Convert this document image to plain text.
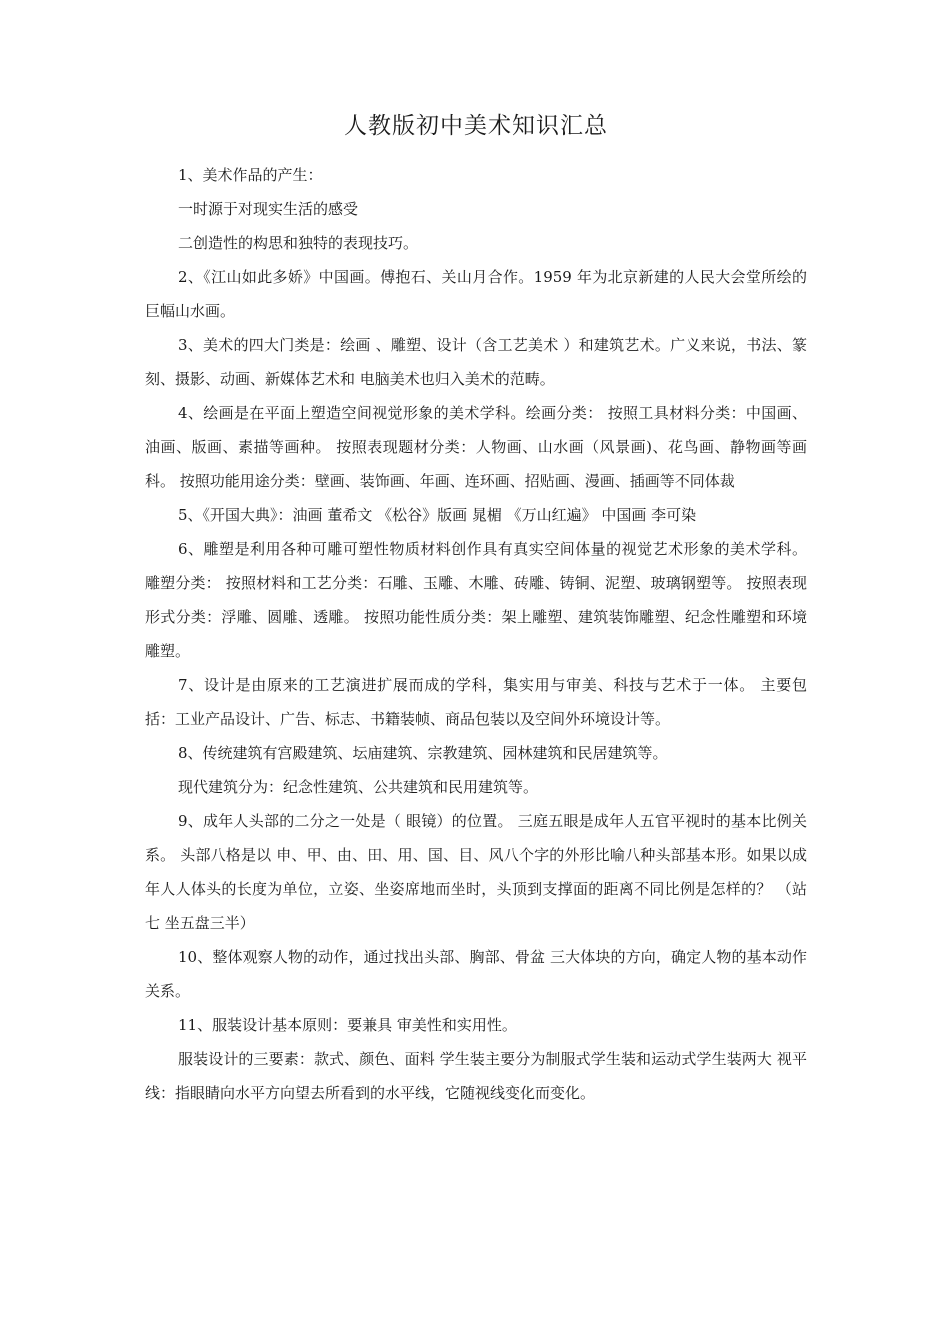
人教版初中美术知识汇总

1、美术作品的产生：

一时源于对现实生活的感受

二创造性的构思和独特的表现技巧。

2、《江山如此多娇》中国画。傅抱石、关山月合作。1959 年为北京新建的人民大会堂所绘的巨幅山水画。

3、美术的四大门类是：绘画 、雕塑、设计（含工艺美术 ）和建筑艺术。广义来说，书法、篆刻、摄影、动画、新媒体艺术和 电脑美术也归入美术的范畴。

4、绘画是在平面上塑造空间视觉形象的美术学科。绘画分类： 按照工具材料分类：中国画、油画、版画、素描等画种。 按照表现题材分类：人物画、山水画（风景画)、花鸟画、静物画等画科。 按照功能用途分类：壁画、装饰画、年画、连环画、招贴画、漫画、插画等不同体裁

5、《开国大典》：油画 董希文 《松谷》版画 晁楣 《万山红遍》 中国画 李可染

6、雕塑是利用各种可雕可塑性物质材料创作具有真实空间体量的视觉艺术形象的美术学科。 雕塑分类： 按照材料和工艺分类：石雕、玉雕、木雕、砖雕、铸铜、泥塑、玻璃钢塑等。 按照表现形式分类：浮雕、圆雕、透雕。 按照功能性质分类：架上雕塑、建筑装饰雕塑、纪念性雕塑和环境雕塑。

7、设计是由原来的工艺演进扩展而成的学科，集实用与审美、科技与艺术于一体。 主要包括：工业产品设计、广告、标志、书籍装帧、商品包装以及空间外环境设计等。

8、传统建筑有宫殿建筑、坛庙建筑、宗教建筑、园林建筑和民居建筑等。

现代建筑分为：纪念性建筑、公共建筑和民用建筑等。

9、成年人头部的二分之一处是（ 眼镜）的位置。 三庭五眼是成年人五官平视时的基本比例关系。 头部八格是以 申、甲、由、田、用、国、目、风八个字的外形比喻八种头部基本形。如果以成年人人体头的长度为单位，立姿、坐姿席地而坐时，头顶到支撑面的距离不同比例是怎样的？ （站七 坐五盘三半）

10、整体观察人物的动作，通过找出头部、胸部、骨盆 三大体块的方向，确定人物的基本动作关系。

11、服装设计基本原则：要兼具 审美性和实用性。

服装设计的三要素：款式、颜色、面料 学生装主要分为制服式学生装和运动式学生装两大 视平线：指眼睛向水平方向望去所看到的水平线，它随视线变化而变化。
